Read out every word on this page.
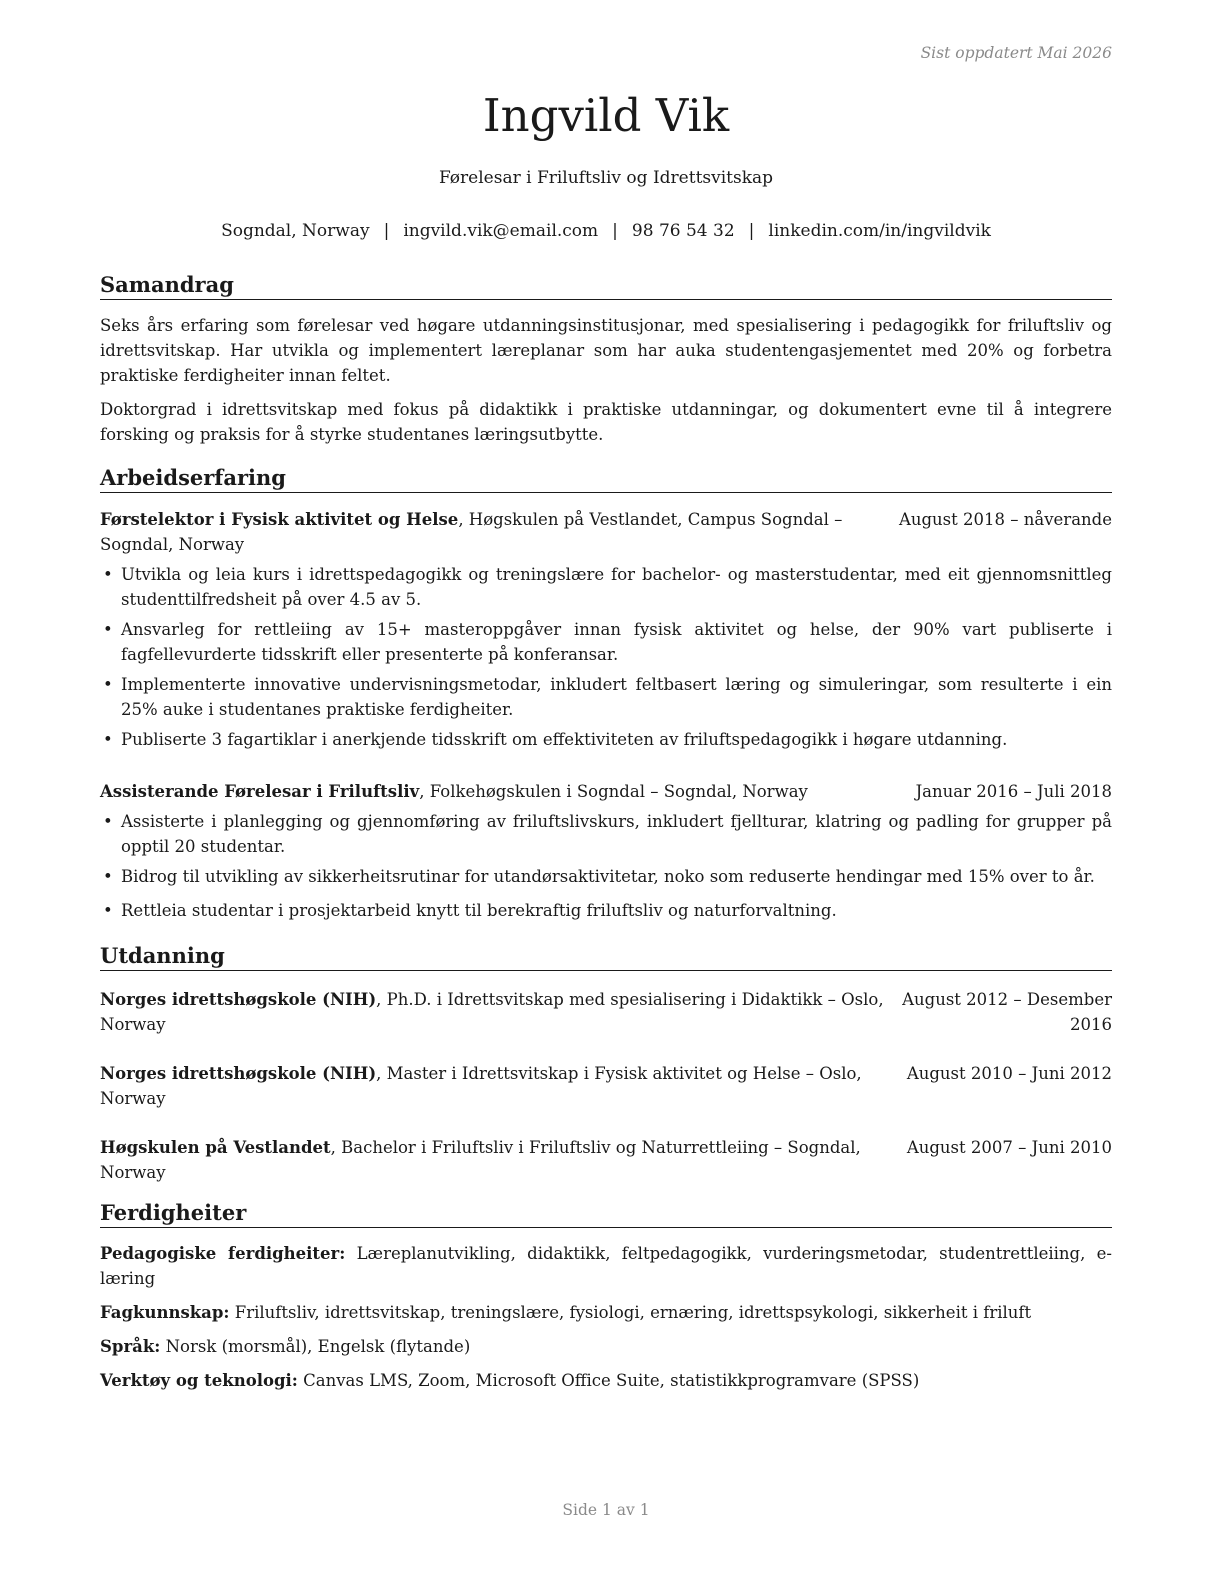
Sist oppdatert Mai 2026
Ingvild Vik
Førelesar i Friluftsliv og Idrettsvitskap
Sogndal, Norway | ingvild.vik@email.com | 98 76 54 32 | linkedin.com/in/ingvildvik
Samandrag

Seks års erfaring som førelesar ved høgare utdanningsinstitusjonar, med spesialisering i pedagogikk for friluftsliv og idrettsvitskap. Har utvikla og implementert læreplanar som har auka studentengasjementet med 20% og forbetra praktiske ferdigheiter innan feltet.

Doktorgrad i idrettsvitskap med fokus på didaktikk i praktiske utdanningar, og dokumentert evne til å integrere forsking og praksis for å styrke studentanes læringsutbytte.

Arbeidserfaring
Førstelektor i Fysisk aktivitet og Helse, Høgskulen på Vestlandet, Campus Sogndal –	August 2018 – nåverande
Sogndal, Norway
• Utvikla og leia kurs i idrettspedagogikk og treningslære for bachelor- og masterstudentar, med eit gjennomsnittleg studenttilfredsheit på over 4.5 av 5.
• Ansvarleg for rettleiing av 15+ masteroppgåver innan fysisk aktivitet og helse, der 90% vart publiserte i fagfellevurderte tidsskrift eller presenterte på konferansar.
• Implementerte innovative undervisningsmetodar, inkludert feltbasert læring og simuleringar, som resulterte i ein 25% auke i studentanes praktiske ferdigheiter.
• Publiserte 3 fagartiklar i anerkjende tidsskrift om effektiviteten av friluftspedagogikk i høgare utdanning.
Assisterande Førelesar i Friluftsliv, Folkehøgskulen i Sogndal – Sogndal, Norway	Januar 2016 – Juli 2018
• Assisterte i planlegging og gjennomføring av friluftslivskurs, inkludert fjellturar, klatring og padling for grupper på opptil 20 studentar.
• Bidrog til utvikling av sikkerheitsrutinar for utandørsaktivitetar, noko som reduserte hendingar med 15% over to år.
• Rettleia studentar i prosjektarbeid knytt til berekraftig friluftsliv og naturforvaltning.
Utdanning
Norges idrettshøgskole (NIH), Ph.D. i Idrettsvitskap med spesialisering i Didaktikk – Oslo,	August 2012 – Desember
Norway	2016
Norges idrettshøgskole (NIH), Master i Idrettsvitskap i Fysisk aktivitet og Helse – Oslo,	August 2010 – Juni 2012
Norway
Høgskulen på Vestlandet, Bachelor i Friluftsliv i Friluftsliv og Naturrettleiing – Sogndal,	August 2007 – Juni 2010
Norway
Ferdigheiter

Pedagogiske ferdigheiter: Læreplanutvikling, didaktikk, feltpedagogikk, vurderingsmetodar, studentrettleiing, e-læring

Fagkunnskap: Friluftsliv, idrettsvitskap, treningslære, fysiologi, ernæring, idrettspsykologi, sikkerheit i friluft

Språk: Norsk (morsmål), Engelsk (flytande)

Verktøy og teknologi: Canvas LMS, Zoom, Microsoft Office Suite, statistikkprogramvare (SPSS)

Side 1 av 1
